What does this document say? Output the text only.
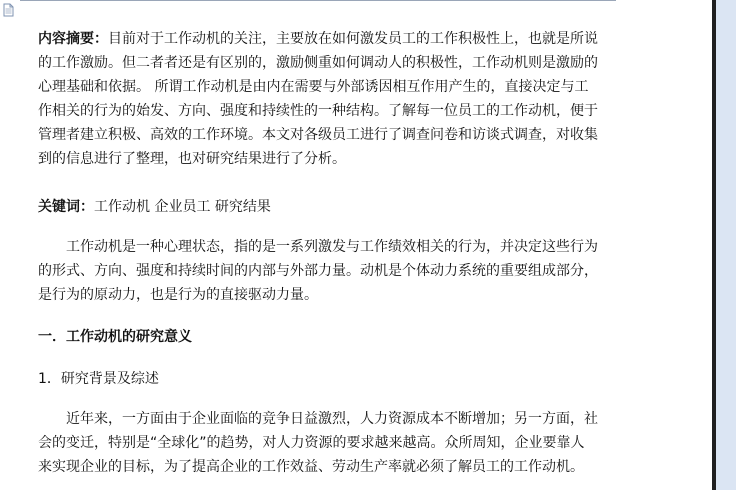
内容摘要：目前对于工作动机的关注，主要放在如何激发员工的工作积极性上，也就是所说的工作激励。但二者者还是有区别的，激励侧重如何调动人的积极性，工作动机则是激励的心理基础和依据。 所谓工作动机是由内在需要与外部诱因相互作用产生的，直接决定与工作相关的行为的始发、方向、强度和持续性的一种结构。了解每一位员工的工作动机，便于管理者建立积极、高效的工作环境。本文对各级员工进行了调查问卷和访谈式调查，对收集到的信息进行了整理，也对研究结果进行了分析。

关键词：工作动机 企业员工 研究结果

工作动机是一种心理状态，指的是一系列激发与工作绩效相关的行为，并决定这些行为的形式、方向、强度和持续时间的内部与外部力量。动机是个体动力系统的重要组成部分，是行为的原动力，也是行为的直接驱动力量。

一．工作动机的研究意义

1．研究背景及综述

近年来，一方面由于企业面临的竞争日益激烈，人力资源成本不断增加；另一方面，社会的变迁，特别是“全球化”的趋势，对人力资源的要求越来越高。众所周知，企业要靠人来实现企业的目标，为了提高企业的工作效益、劳动生产率就必须了解员工的工作动机。
